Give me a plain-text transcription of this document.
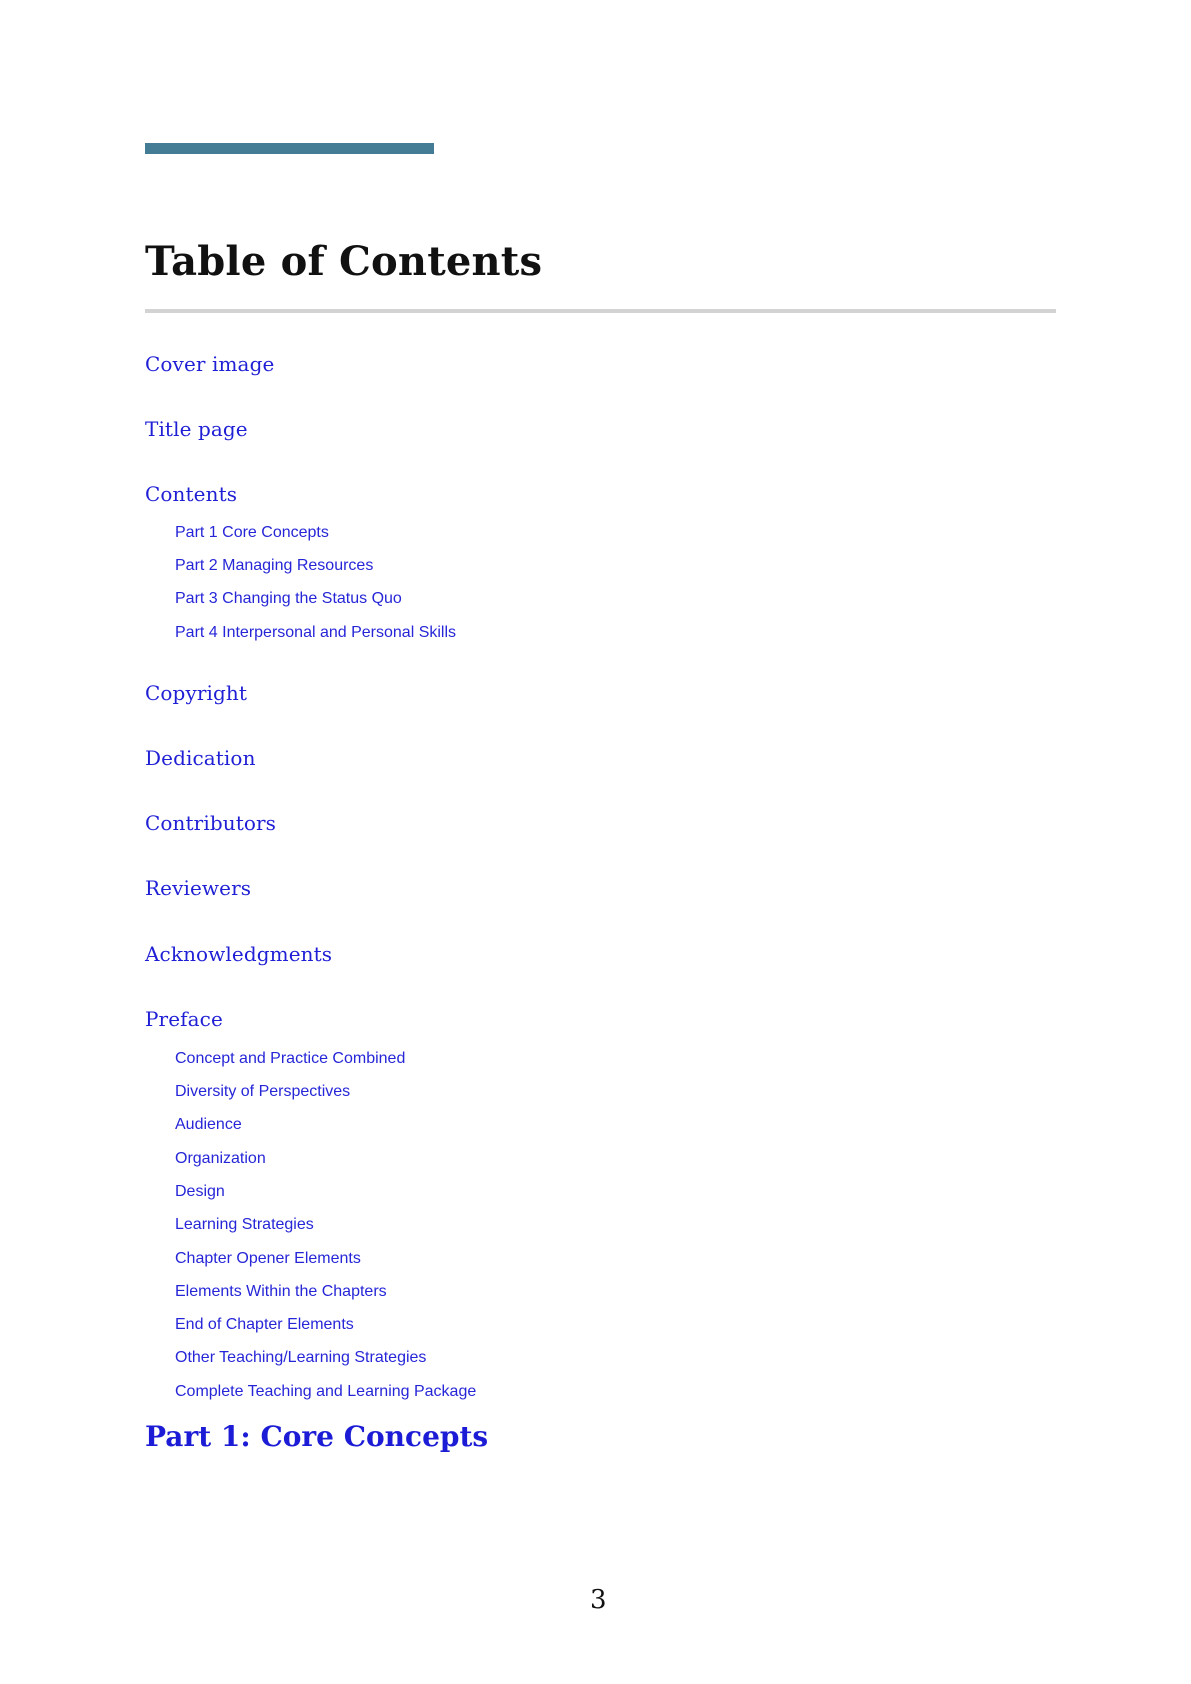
Table of Contents
Cover image
Title page
Contents
Part 1 Core Concepts
Part 2 Managing Resources
Part 3 Changing the Status Quo
Part 4 Interpersonal and Personal Skills
Copyright
Dedication
Contributors
Reviewers
Acknowledgments
Preface
Concept and Practice Combined
Diversity of Perspectives
Audience
Organization
Design
Learning Strategies
Chapter Opener Elements
Elements Within the Chapters
End of Chapter Elements
Other Teaching/Learning Strategies
Complete Teaching and Learning Package
Part 1: Core Concepts
3
